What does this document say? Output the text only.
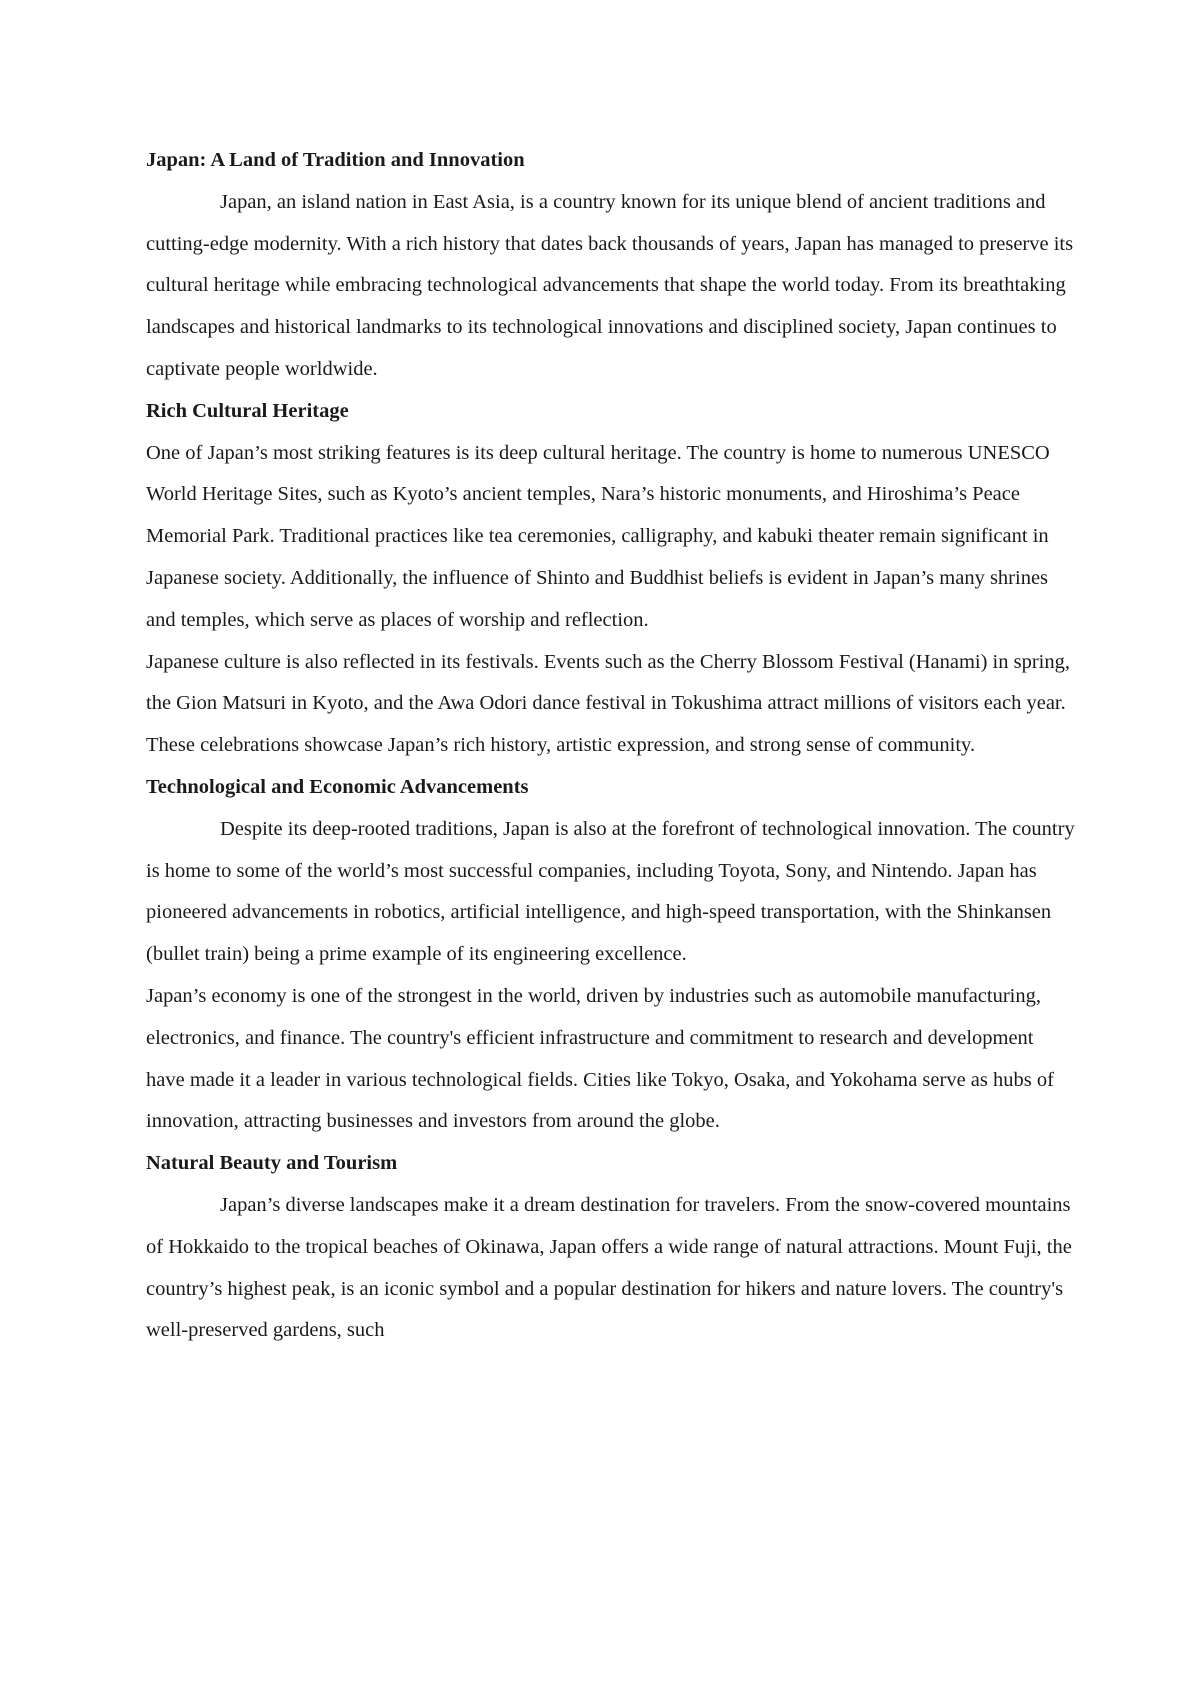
Japan: A Land of Tradition and Innovation

Japan, an island nation in East Asia, is a country known for its unique blend of ancient traditions and cutting-edge modernity. With a rich history that dates back thousands of years, Japan has managed to preserve its cultural heritage while embracing technological advancements that shape the world today. From its breathtaking landscapes and historical landmarks to its technological innovations and disciplined society, Japan continues to captivate people worldwide.

Rich Cultural Heritage

One of Japan’s most striking features is its deep cultural heritage. The country is home to numerous UNESCO World Heritage Sites, such as Kyoto’s ancient temples, Nara’s historic monuments, and Hiroshima’s Peace Memorial Park. Traditional practices like tea ceremonies, calligraphy, and kabuki theater remain significant in Japanese society. Additionally, the influence of Shinto and Buddhist beliefs is evident in Japan’s many shrines and temples, which serve as places of worship and reflection.

Japanese culture is also reflected in its festivals. Events such as the Cherry Blossom Festival (Hanami) in spring, the Gion Matsuri in Kyoto, and the Awa Odori dance festival in Tokushima attract millions of visitors each year. These celebrations showcase Japan’s rich history, artistic expression, and strong sense of community.

Technological and Economic Advancements

Despite its deep-rooted traditions, Japan is also at the forefront of technological innovation. The country is home to some of the world’s most successful companies, including Toyota, Sony, and Nintendo. Japan has pioneered advancements in robotics, artificial intelligence, and high-speed transportation, with the Shinkansen (bullet train) being a prime example of its engineering excellence.

Japan’s economy is one of the strongest in the world, driven by industries such as automobile manufacturing, electronics, and finance. The country's efficient infrastructure and commitment to research and development have made it a leader in various technological fields. Cities like Tokyo, Osaka, and Yokohama serve as hubs of innovation, attracting businesses and investors from around the globe.

Natural Beauty and Tourism

Japan’s diverse landscapes make it a dream destination for travelers. From the snow-covered mountains of Hokkaido to the tropical beaches of Okinawa, Japan offers a wide range of natural attractions. Mount Fuji, the country’s highest peak, is an iconic symbol and a popular destination for hikers and nature lovers. The country's well-preserved gardens, such
